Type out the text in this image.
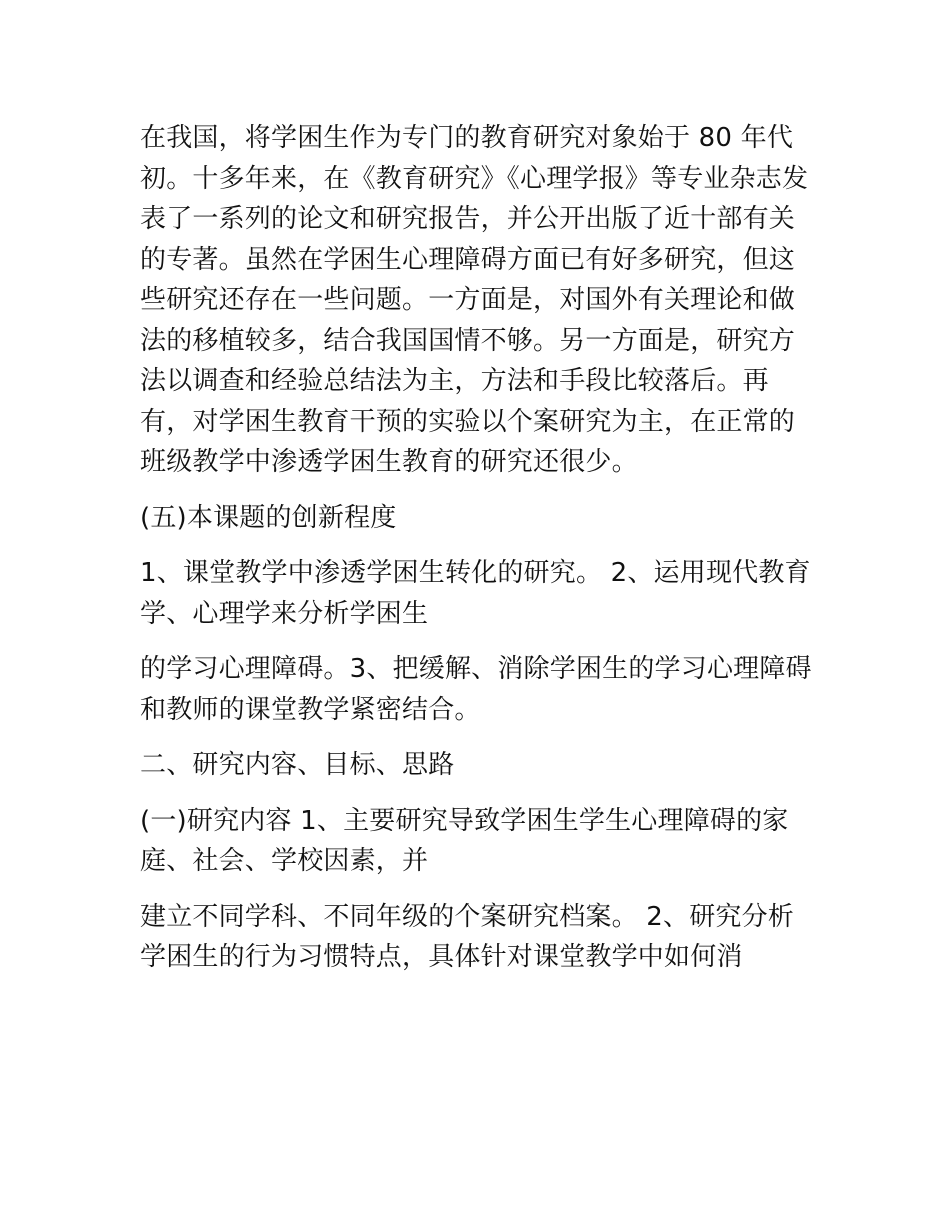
在我国，将学困生作为专门的教育研究对象始于 80 年代初。十多年来，在《教育研究》《心理学报》等专业杂志发表了一系列的论文和研究报告，并公开出版了近十部有关的专著。虽然在学困生心理障碍方面已有好多研究，但这些研究还存在一些问题。一方面是，对国外有关理论和做法的移植较多，结合我国国情不够。另一方面是，研究方法以调查和经验总结法为主，方法和手段比较落后。再有，对学困生教育干预的实验以个案研究为主，在正常的班级教学中渗透学困生教育的研究还很少。

(五)本课题的创新程度

1、课堂教学中渗透学困生转化的研究。 2、运用现代教育学、心理学来分析学困生

的学习心理障碍。3、把缓解、消除学困生的学习心理障碍和教师的课堂教学紧密结合。

二、研究内容、目标、思路

(一)研究内容 1、主要研究导致学困生学生心理障碍的家庭、社会、学校因素，并

建立不同学科、不同年级的个案研究档案。 2、研究分析学困生的行为习惯特点，具体针对课堂教学中如何消
